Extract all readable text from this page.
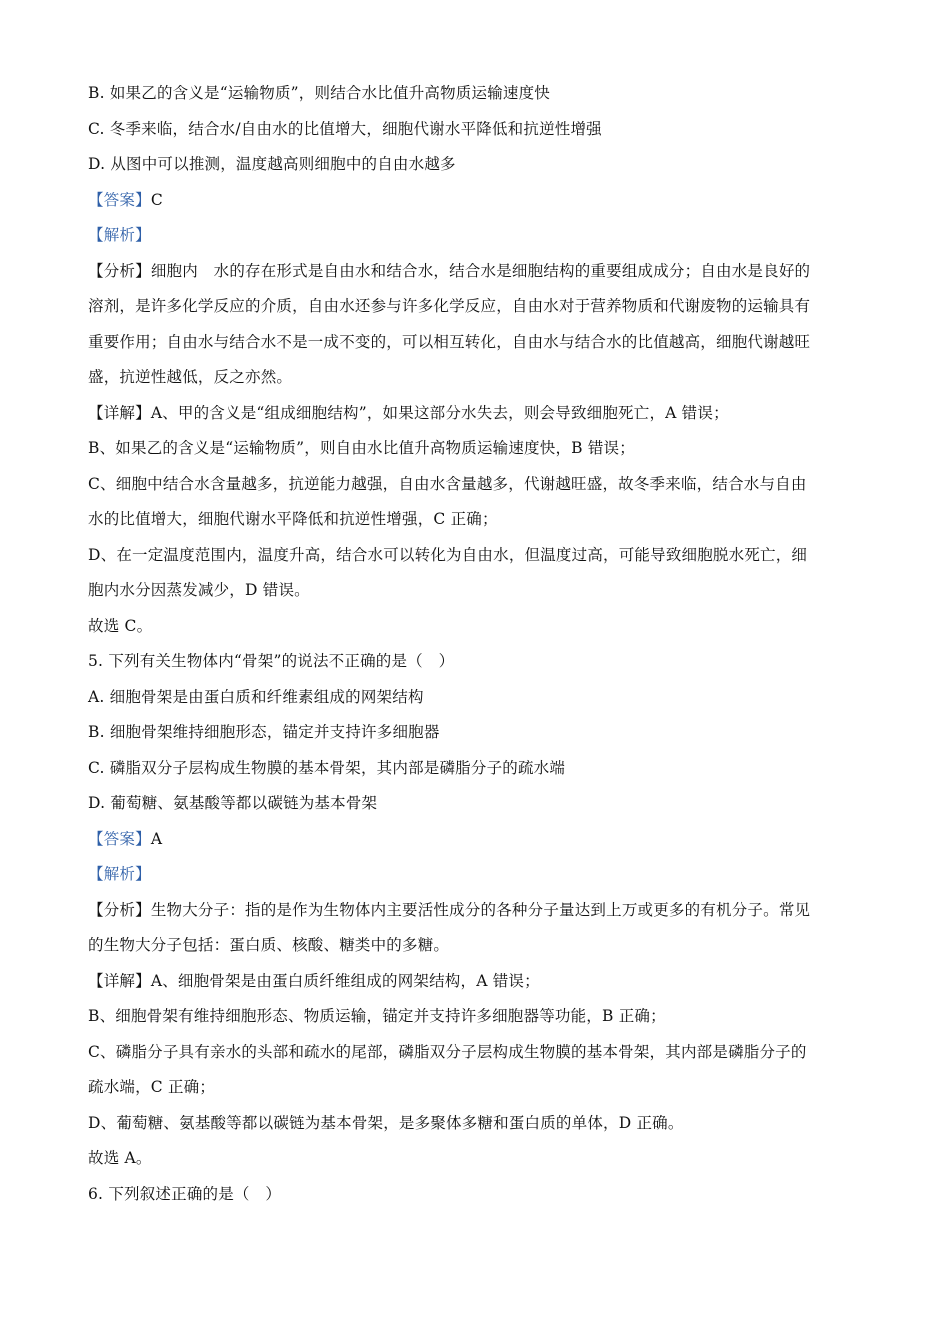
B. 如果乙的含义是“运输物质”，则结合水比值升高物质运输速度快
C. 冬季来临，结合水/自由水的比值增大，细胞代谢水平降低和抗逆性增强
D. 从图中可以推测，温度越高则细胞中的自由水越多
【答案】C
【解析】
【分析】细胞内　水的存在形式是自由水和结合水，结合水是细胞结构的重要组成成分；自由水是良好的
溶剂，是许多化学反应的介质，自由水还参与许多化学反应，自由水对于营养物质和代谢废物的运输具有
重要作用；自由水与结合水不是一成不变的，可以相互转化，自由水与结合水的比值越高，细胞代谢越旺
盛，抗逆性越低，反之亦然。
【详解】A、甲的含义是“组成细胞结构”，如果这部分水失去，则会导致细胞死亡，A 错误；
B、如果乙的含义是“运输物质”，则自由水比值升高物质运输速度快，B 错误；
C、细胞中结合水含量越多，抗逆能力越强，自由水含量越多，代谢越旺盛，故冬季来临，结合水与自由
水的比值增大，细胞代谢水平降低和抗逆性增强，C 正确；
D、在一定温度范围内，温度升高，结合水可以转化为自由水，但温度过高，可能导致细胞脱水死亡，细
胞内水分因蒸发减少，D 错误。
故选 C。
5. 下列有关生物体内“骨架”的说法不正确的是（　）
A. 细胞骨架是由蛋白质和纤维素组成的网架结构
B. 细胞骨架维持细胞形态，锚定并支持许多细胞器
C. 磷脂双分子层构成生物膜的基本骨架，其内部是磷脂分子的疏水端
D. 葡萄糖、氨基酸等都以碳链为基本骨架
【答案】A
【解析】
【分析】生物大分子：指的是作为生物体内主要活性成分的各种分子量达到上万或更多的有机分子。常见
的生物大分子包括：蛋白质、核酸、糖类中的多糖。
【详解】A、细胞骨架是由蛋白质纤维组成的网架结构，A 错误；
B、细胞骨架有维持细胞形态、物质运输，锚定并支持许多细胞器等功能，B 正确；
C、磷脂分子具有亲水的头部和疏水的尾部，磷脂双分子层构成生物膜的基本骨架，其内部是磷脂分子的
疏水端，C 正确；
D、葡萄糖、氨基酸等都以碳链为基本骨架，是多聚体多糖和蛋白质的单体，D 正确。
故选 A。
6. 下列叙述正确的是（　）
